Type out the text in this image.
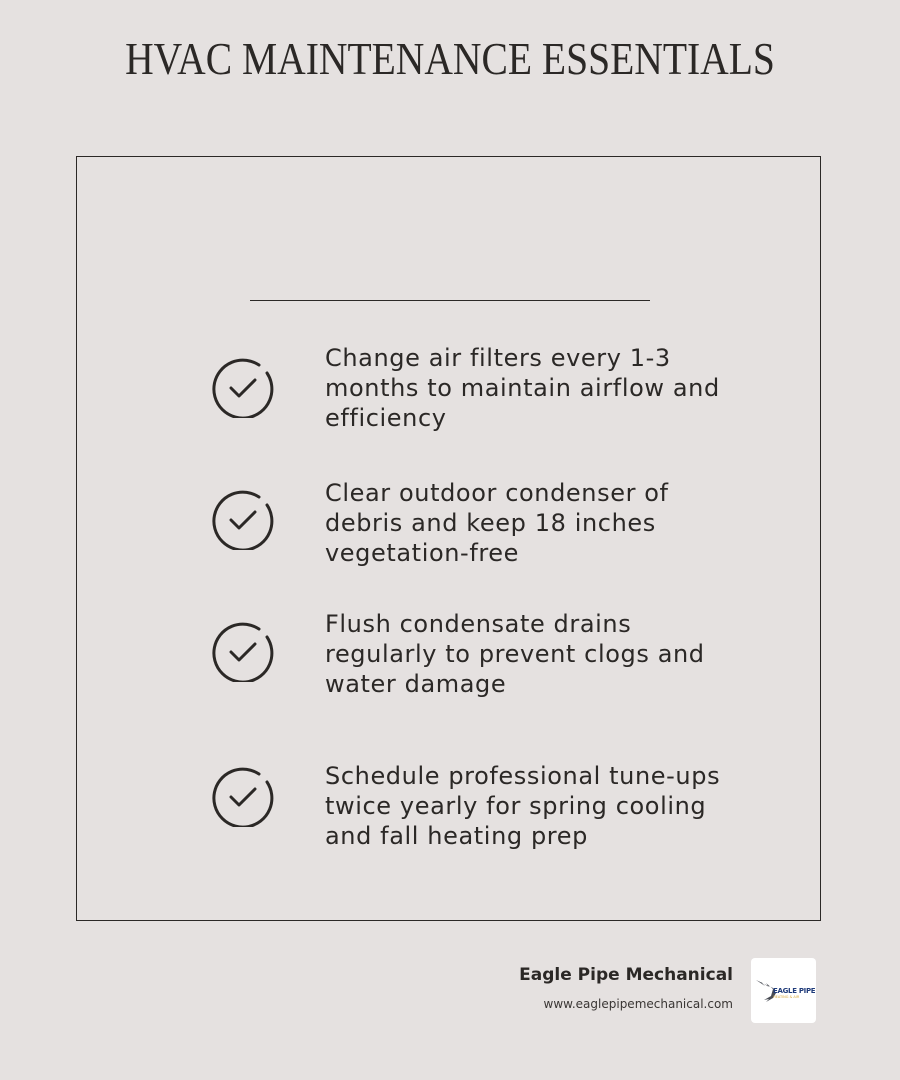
HVAC MAINTENANCE ESSENTIALS
Change air filters every 1-3 months to maintain airflow and efficiency
Clear outdoor condenser of debris and keep 18 inches vegetation-free
Flush condensate drains regularly to prevent clogs and water damage
Schedule professional tune-ups twice yearly for spring cooling and fall heating prep
Eagle Pipe Mechanical
www.eaglepipemechanical.com
EAGLE PIPE
HEATING & AIR
